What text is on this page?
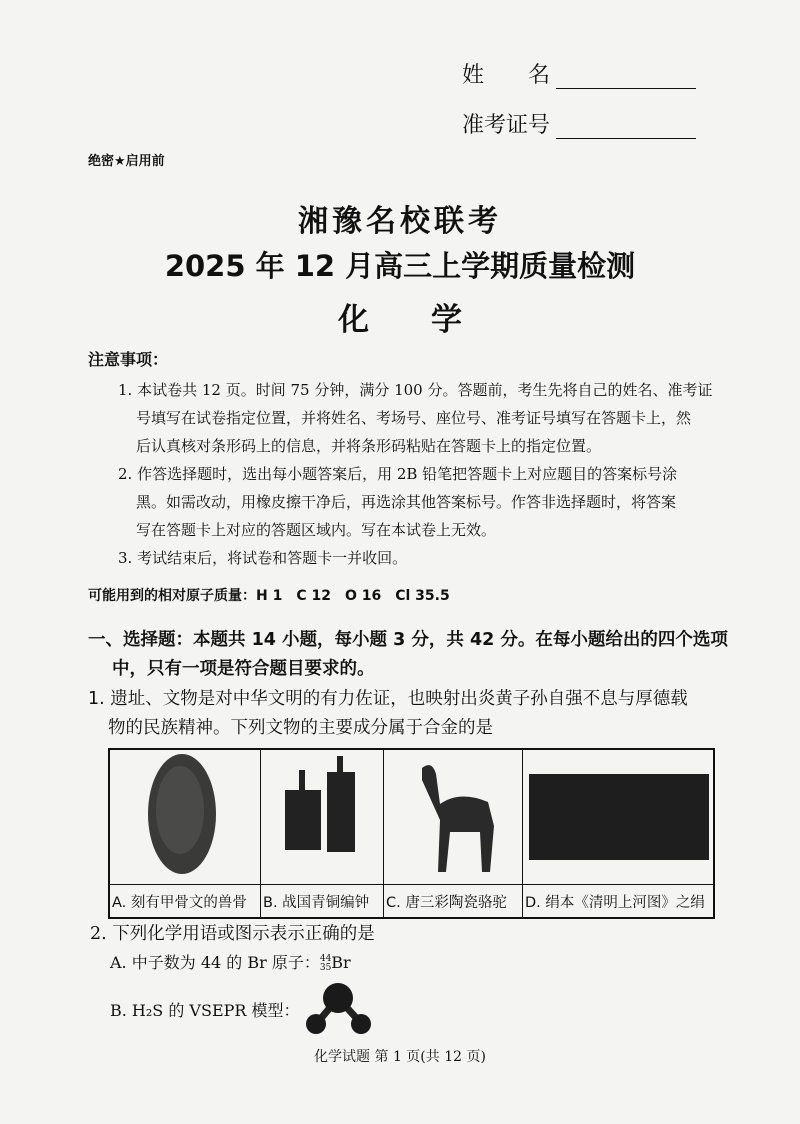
姓　　名
准考证号
绝密★启用前
湘豫名校联考
2025 年 12 月高三上学期质量检测
化　　学
注意事项：
1. 本试卷共 12 页。时间 75 分钟，满分 100 分。答题前，考生先将自己的姓名、准考证
号填写在试卷指定位置，并将姓名、考场号、座位号、准考证号填写在答题卡上，然
后认真核对条形码上的信息，并将条形码粘贴在答题卡上的指定位置。
2. 作答选择题时，选出每小题答案后，用 2B 铅笔把答题卡上对应题目的答案标号涂
黑。如需改动，用橡皮擦干净后，再选涂其他答案标号。作答非选择题时，将答案
写在答题卡上对应的答题区域内。写在本试卷上无效。
3. 考试结束后，将试卷和答题卡一并收回。
可能用到的相对原子质量：H 1　C 12　O 16　Cl 35.5
一、选择题：本题共 14 小题，每小题 3 分，共 42 分。在每小题给出的四个选项
中，只有一项是符合题目要求的。
1. 遗址、文物是对中华文明的有力佐证，也映射出炎黄子孙自强不息与厚德载
物的民族精神。下列文物的主要成分属于合金的是

A. 刻有甲骨文的兽骨	B. 战国青铜编钟	C. 唐三彩陶瓷骆驼	D. 绢本《清明上河图》之绢
2. 下列化学用语或图示表示正确的是
A. 中子数为 44 的 Br 原子： 44
35 Br
B. H₂S 的 VSEPR 模型：
化学试题 第 1 页(共 12 页)
